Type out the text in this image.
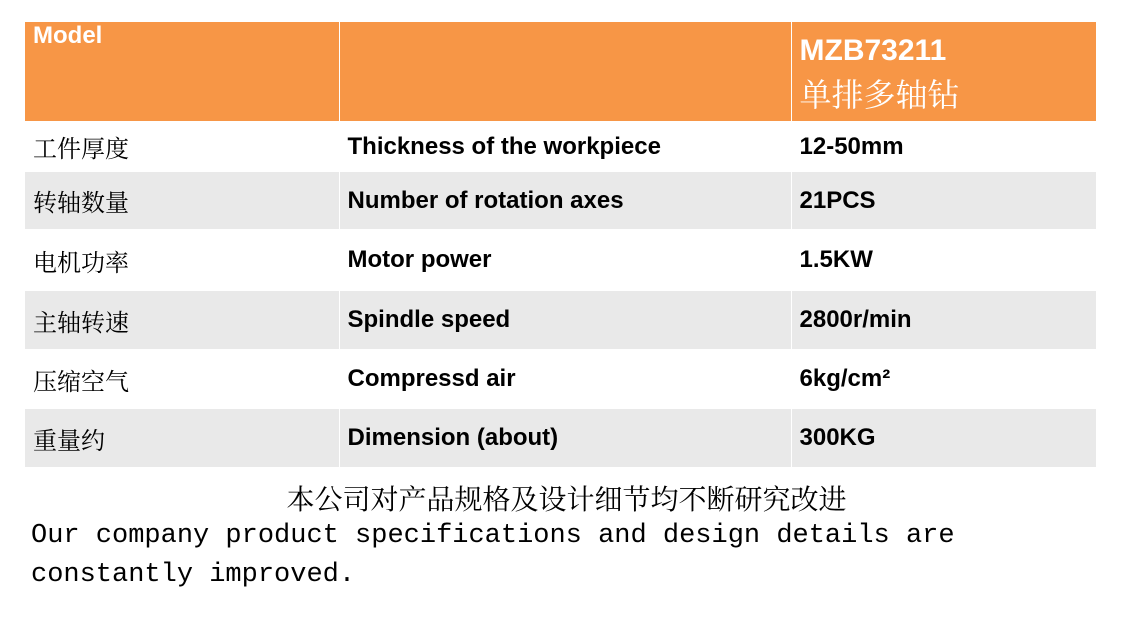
Model		MZB73211
单排多轴钻

工件厚度	Thickness of the workpiece	12-50mm
转轴数量	Number of rotation axes	21PCS
电机功率	Motor power	1.5KW
主轴转速	Spindle speed	2800r/min
压缩空气	Compressd air	6kg/cm²
重量约	Dimension (about)	300KG
本公司对产品规格及设计细节均不断研究改进
Our company product specifications and design details are constantly improved.
